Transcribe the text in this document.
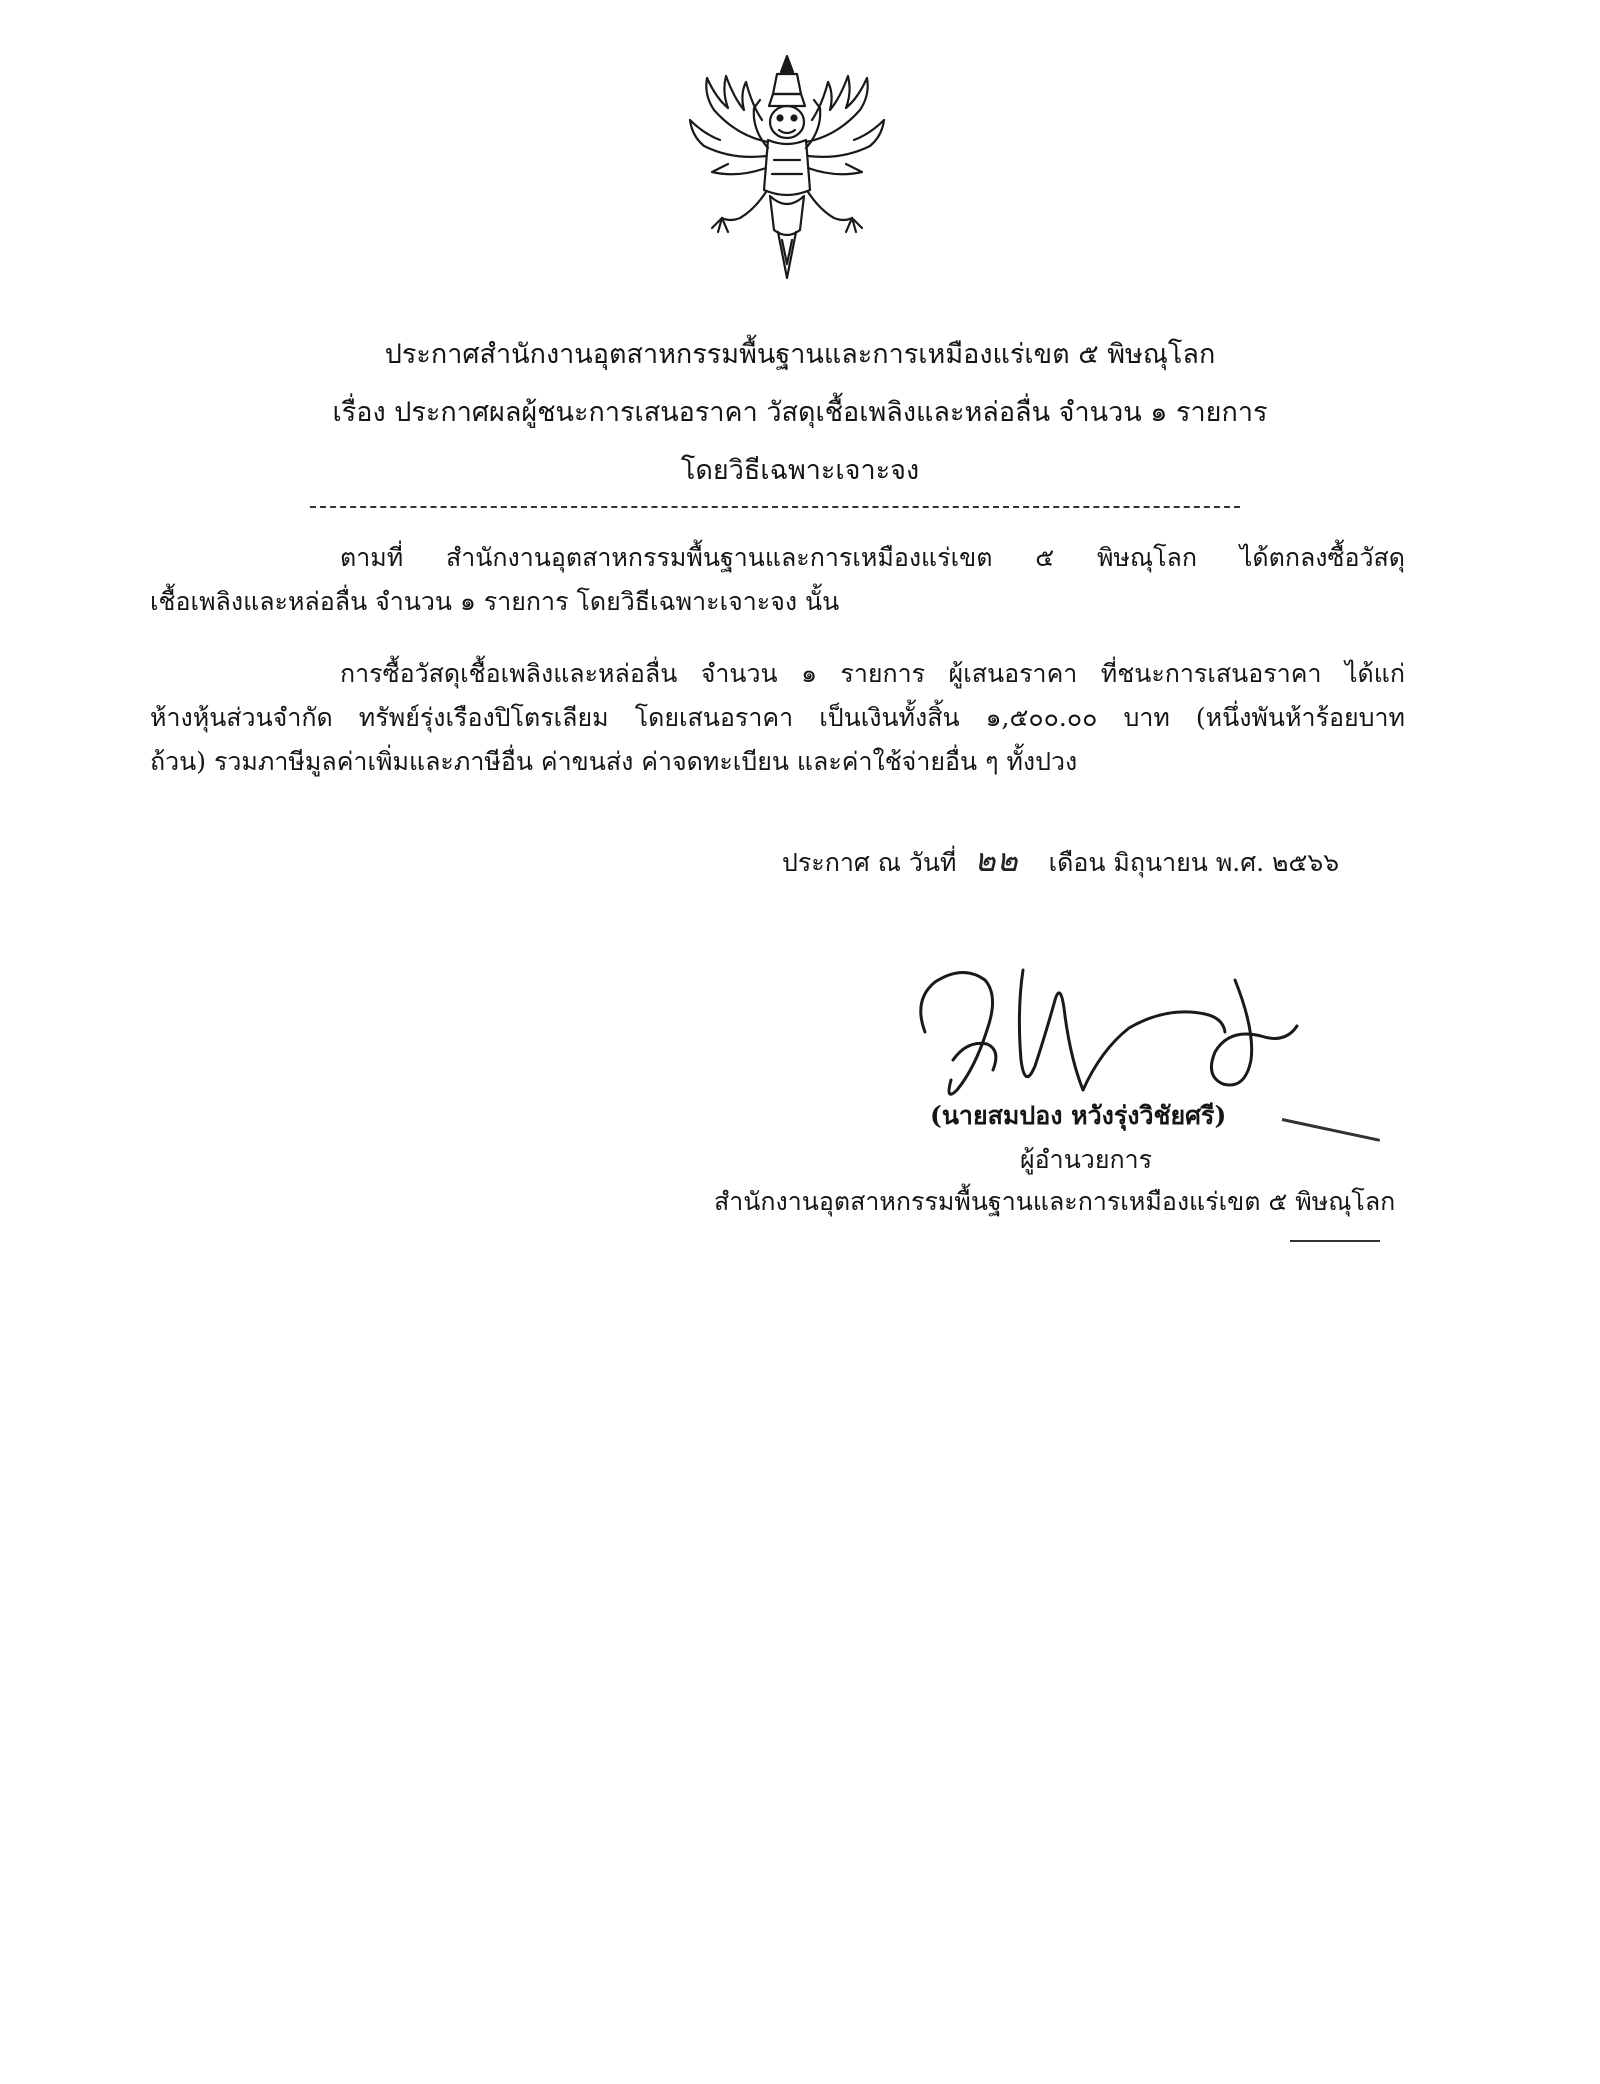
ประกาศสำนักงานอุตสาหกรรมพื้นฐานและการเหมืองแร่เขต ๕ พิษณุโลก
เรื่อง ประกาศผลผู้ชนะการเสนอราคา วัสดุเชื้อเพลิงและหล่อลื่น จำนวน ๑ รายการ
โดยวิธีเฉพาะเจาะจง
ตามที่ สำนักงานอุตสาหกรรมพื้นฐานและการเหมืองแร่เขต ๕ พิษณุโลก ได้ตกลงซื้อวัสดุ
เชื้อเพลิงและหล่อลื่น จำนวน ๑ รายการ โดยวิธีเฉพาะเจาะจง นั้น
การซื้อวัสดุเชื้อเพลิงและหล่อลื่น จำนวน ๑ รายการ ผู้เสนอราคา ที่ชนะการเสนอราคา ได้แก่
ห้างหุ้นส่วนจำกัด ทรัพย์รุ่งเรืองปิโตรเลียม โดยเสนอราคา เป็นเงินทั้งสิ้น ๑,๕๐๐.๐๐ บาท (หนึ่งพันห้าร้อยบาท
ถ้วน) รวมภาษีมูลค่าเพิ่มและภาษีอื่น ค่าขนส่ง ค่าจดทะเบียน และค่าใช้จ่ายอื่น ๆ ทั้งปวง
ประกาศ ณ วันที่ ๒๒ เดือน มิถุนายน พ.ศ. ๒๕๖๖
(นายสมปอง หวังรุ่งวิชัยศรี)
ผู้อำนวยการ
สำนักงานอุตสาหกรรมพื้นฐานและการเหมืองแร่เขต ๕ พิษณุโลก
